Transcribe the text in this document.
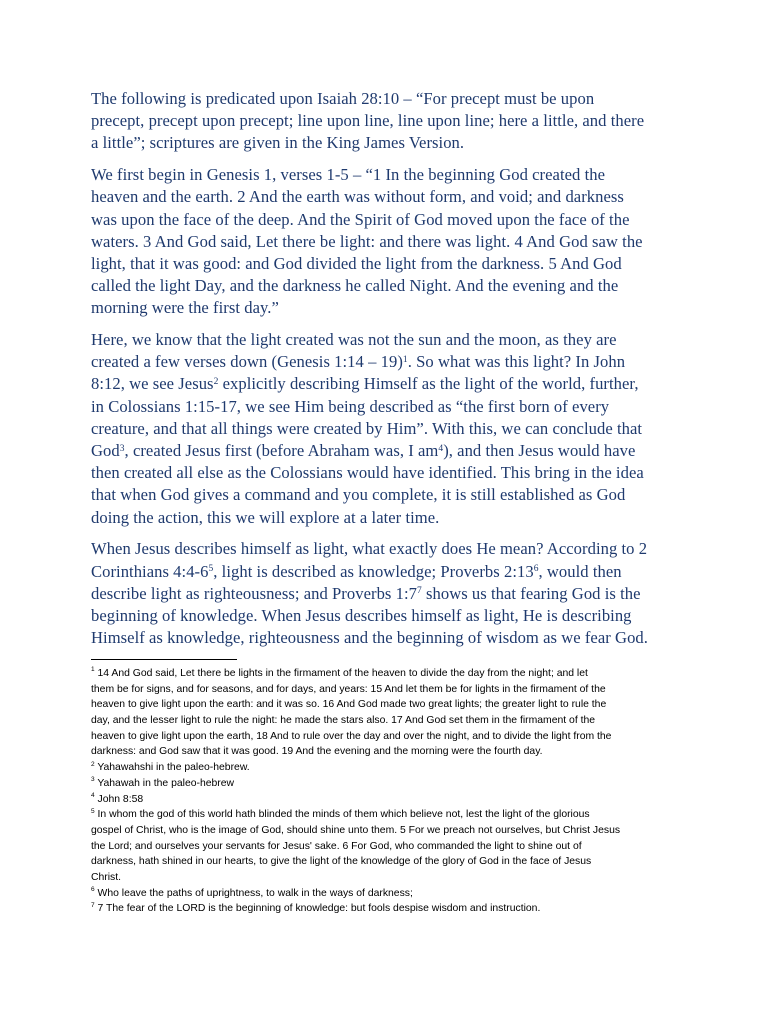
The following is predicated upon Isaiah 28:10 – “For precept must be upon
precept, precept upon precept; line upon line, line upon line; here a little, and there
a little”; scriptures are given in the King James Version.

We first begin in Genesis 1, verses 1-5 – “1 In the beginning God created the
heaven and the earth. 2 And the earth was without form, and void; and darkness
was upon the face of the deep. And the Spirit of God moved upon the face of the
waters. 3 And God said, Let there be light: and there was light. 4 And God saw the
light, that it was good: and God divided the light from the darkness. 5 And God
called the light Day, and the darkness he called Night. And the evening and the
morning were the first day.”

Here, we know that the light created was not the sun and the moon, as they are
created a few verses down (Genesis 1:14 – 19)$^1$. So what was this light? In John
8:12, we see Jesus$^2$ explicitly describing Himself as the light of the world, further,
in Colossians 1:15-17, we see Him being described as “the first born of every
creature, and that all things were created by Him”. With this, we can conclude that
God$^3$, created Jesus first (before Abraham was, I $am^4$), and then Jesus would have
then created all else as the Colossians would have identified. This bring in the idea
that when God gives a command and you complete, it is still established as God
doing the action, this we will explore at a later time.

When Jesus describes himself as light, what exactly does He mean? According to 2
Corinthians $4:4-6^5$, light is described as knowledge; Proverbs $2:13^6$, would then
describe light as righteousness; and Proverbs $1:7^7$ shows us that fearing God is the
beginning of knowledge. When Jesus describes himself as light, He is describing
Himself as knowledge, righteousness and the beginning of wisdom as we fear God.

$^1$ 14 And God said, Let there be lights in the firmament of the heaven to divide the day from the night; and let
them be for signs, and for seasons, and for days, and years: 15 And let them be for lights in the firmament of the
heaven to give light upon the earth: and it was so. 16 And God made two great lights; the greater light to rule the
day, and the lesser light to rule the night: he made the stars also. 17 And God set them in the firmament of the
heaven to give light upon the earth, 18 And to rule over the day and over the night, and to divide the light from the
darkness: and God saw that it was good. 19 And the evening and the morning were the fourth day.

$^2$ Yahawahshi in the paleo-hebrew.

$^3$ Yahawah in the paleo-hebrew

$^4$ John 8:58

$^5$ In whom the god of this world hath blinded the minds of them which believe not, lest the light of the glorious
gospel of Christ, who is the image of God, should shine unto them. 5 For we preach not ourselves, but Christ Jesus
the Lord; and ourselves your servants for Jesus' sake. 6 For God, who commanded the light to shine out of
darkness, hath shined in our hearts, to give the light of the knowledge of the glory of God in the face of Jesus
Christ.

$^6$ Who leave the paths of uprightness, to walk in the ways of darkness;

$^7$ 7 The fear of the LORD is the beginning of knowledge: but fools despise wisdom and instruction.
